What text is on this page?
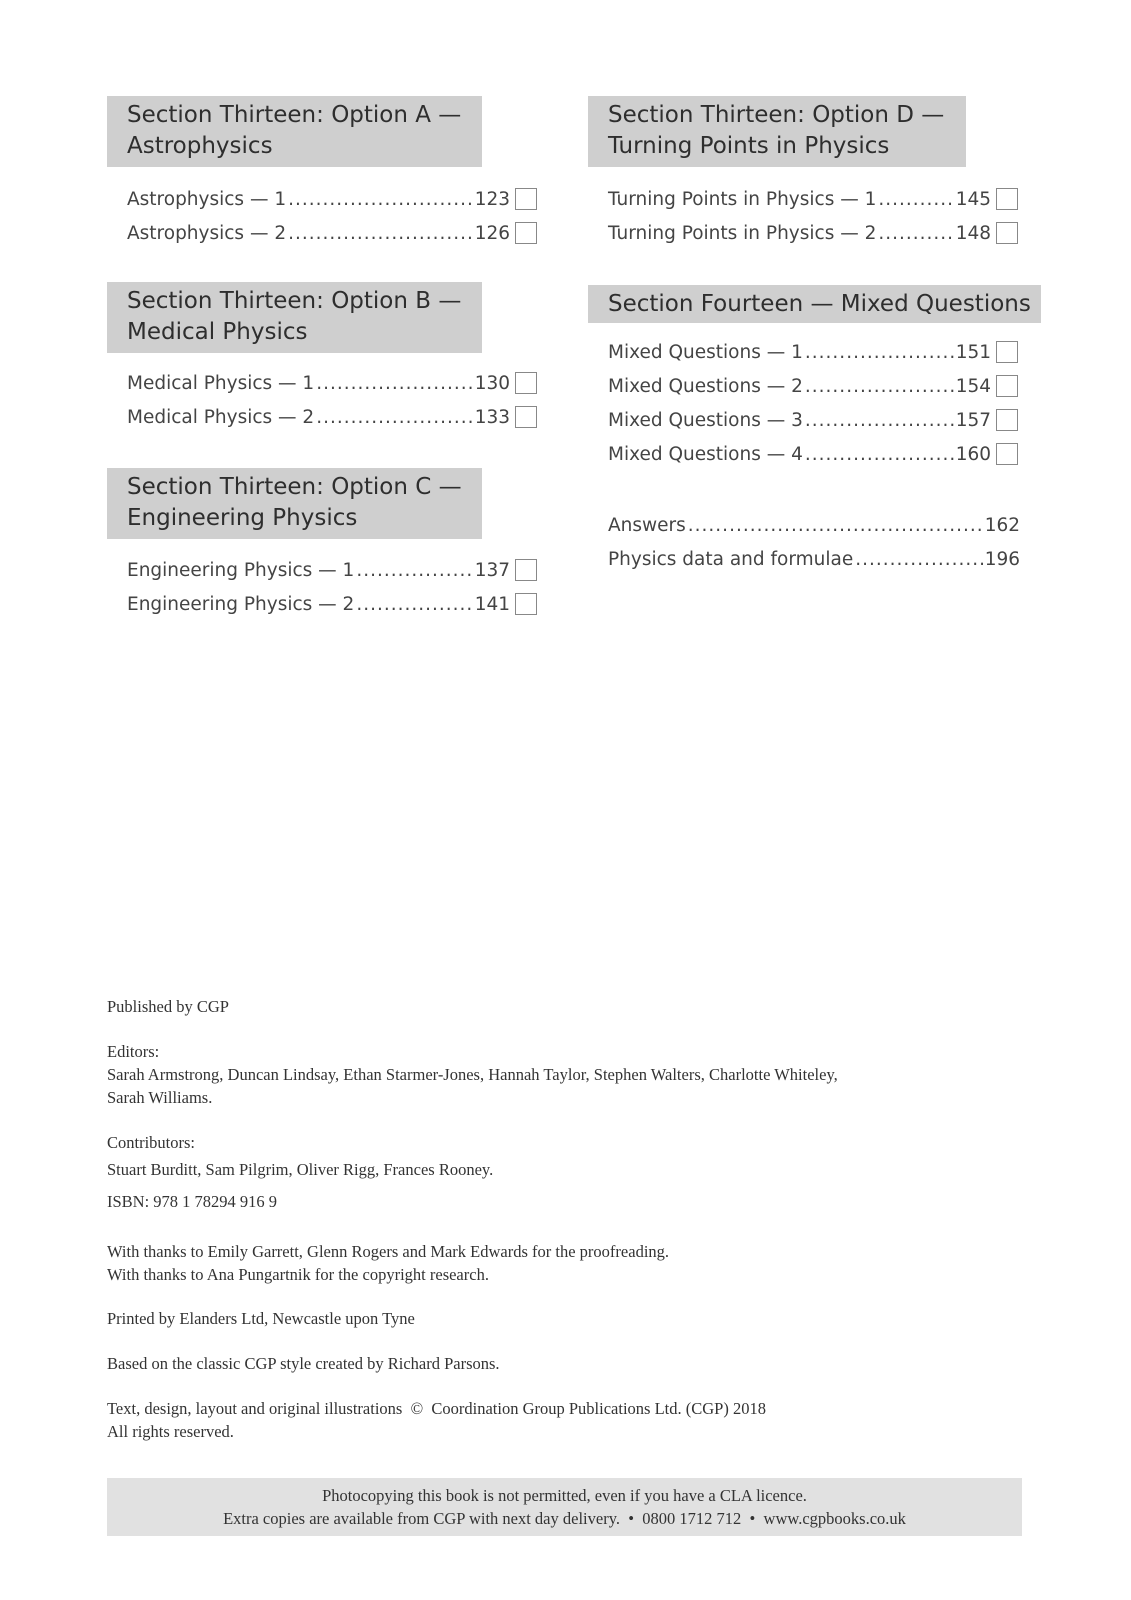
Section Thirteen: Option A —
Astrophysics
Astrophysics — 1 .....	123
Astrophysics — 2 .....	126
Section Thirteen: Option B —
Medical Physics
Medical Physics — 1 .....	130
Medical Physics — 2 .....	133
Section Thirteen: Option C —
Engineering Physics
Engineering Physics — 1 .....	137
Engineering Physics — 2 .....	141
Section Thirteen: Option D —
Turning Points in Physics
Turning Points in Physics — 1 .....	145
Turning Points in Physics — 2 .....	148
Section Fourteen — Mixed Questions
Mixed Questions — 1 .....	151
Mixed Questions — 2 .....	154
Mixed Questions — 3 .....	157
Mixed Questions — 4 .....	160
Answers .....	162
Physics data and formulae .....	196

Published by CGP

Editors:

Sarah Armstrong, Duncan Lindsay, Ethan Starmer-Jones, Hannah Taylor, Stephen Walters, Charlotte Whiteley,

Sarah Williams.

Contributors:

Stuart Burditt, Sam Pilgrim, Oliver Rigg, Frances Rooney.

ISBN: 978 1 78294 916 9

With thanks to Emily Garrett, Glenn Rogers and Mark Edwards for the proofreading.

With thanks to Ana Pungartnik for the copyright research.

Printed by Elanders Ltd, Newcastle upon Tyne

Based on the classic CGP style created by Richard Parsons.

Text, design, layout and original illustrations  ©  Coordination Group Publications Ltd. (CGP) 2018

All rights reserved.

Photocopying this book is not permitted, even if you have a CLA licence.
Extra copies are available from CGP with next day delivery.  •  0800 1712 712  •  www.cgpbooks.co.uk
